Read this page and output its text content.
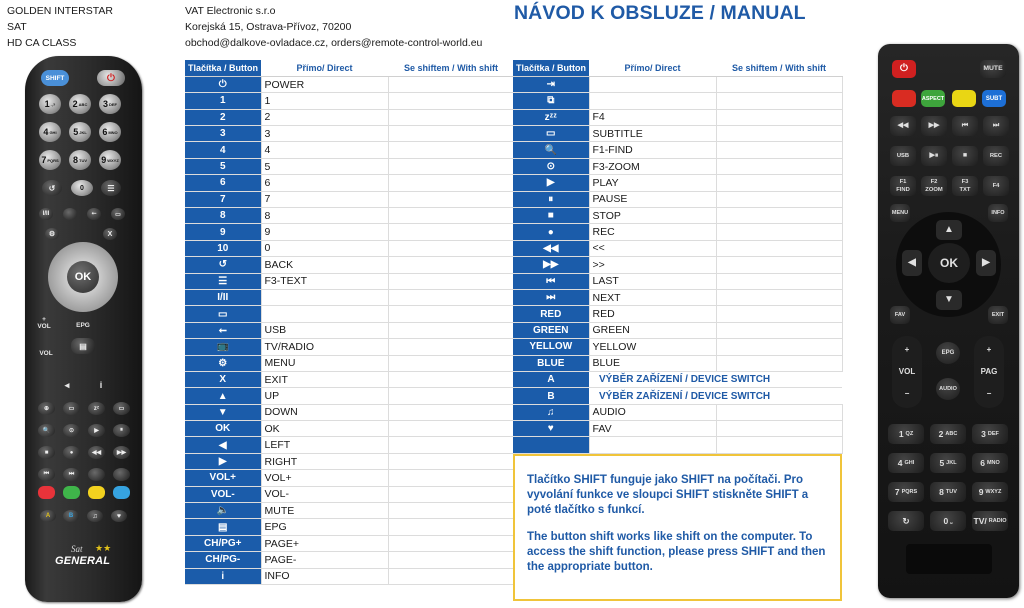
GOLDEN INTERSTAR
SAT
HD CA CLASS
VAT Electronic s.r.o
Korejská 15, Ostrava-Přívoz, 70200
obchod@dalkove-ovladace.cz, orders@remote-control-world.eu
NÁVOD K OBSLUZE / MANUAL
SHIFT	⏻
1 .,? 2 ABC 3 DEF
4 GHI 5 JKL 6 MNO
7 PQRS 8 TUV 9 WXYZ
↺	0	☰
I/II	⭠	▭
⚙	X
OK
+
VOL	EPG
▤
VOL
◂	i
⊕	▭	zᶻ	▭
🔍	⊙	▶	⏸
■	●	◀◀	▶▶
⏮	⏭
A	B	♫	♥
Sat ★★
GENERAL
Tlačítka / Button	Přímo/ Direct	Se shiftem / With shift
⏻	POWER	
1	1	
2	2	
3	3	
4	4	
5	5	
6	6	
7	7	
8	8	
9	9	
10	0	
↺	BACK	
☰	F3-TEXT	
I/II		
▭		
⭠	USB	
📺	TV/RADIO	
⚙	MENU	
X	EXIT	
▲	UP	
▼	DOWN	
OK	OK	
◀	LEFT	
▶	RIGHT	
VOL+	VOL+	
VOL-	VOL-	
🔈	MUTE	
▤	EPG	
CH/PG+	PAGE+	
CH/PG-	PAGE-	
i	INFO	
Tlačítka / Button	Přímo/ Direct	Se shiftem / With shift
⇥		
⧉		
zᶻᶻ	F4	
▭	SUBTITLE	
🔍	F1-FIND	
⊙	F3-ZOOM	
▶	PLAY	
⏸	PAUSE	
■	STOP	
●	REC	
◀◀	<<	
▶▶	>>	
⏮	LAST	
⏭	NEXT	
RED	RED	
GREEN	GREEN	
YELLOW	YELLOW	
BLUE	BLUE	
A	VÝBĚR ZAŘÍZENÍ / DEVICE SWITCH	
B	VÝBĚR ZAŘÍZENÍ / DEVICE SWITCH	
♫	AUDIO	
♥	FAV	

Tlačítko SHIFT funguje jako SHIFT na počítači. Pro vyvolání funkce ve sloupci SHIFT stiskněte SHIFT a poté tlačítko s funkcí.

The button shift works like shift on the computer. To access the shift function, please press SHIFT and then the appropriate button.

⏻	MUTE
ASPECT	SUBT
◀◀	▶▶	⏮	⏭
USB	▶⏸	■	REC
F1
FIND
F2
ZOOM
F3
TXT
F4
MENU	INFO
▲
▼
◀	OK	▶
FAV	EXIT
+
VOL
−
+
PAG
−
EPG
AUDIO
1 QZ	2 ABC	3 DEF
4 GHI	5 JKL	6 MNO
7 PQRS	8 TUV	9 WXYZ
↻	0 ⎵ TV/ RADIO
